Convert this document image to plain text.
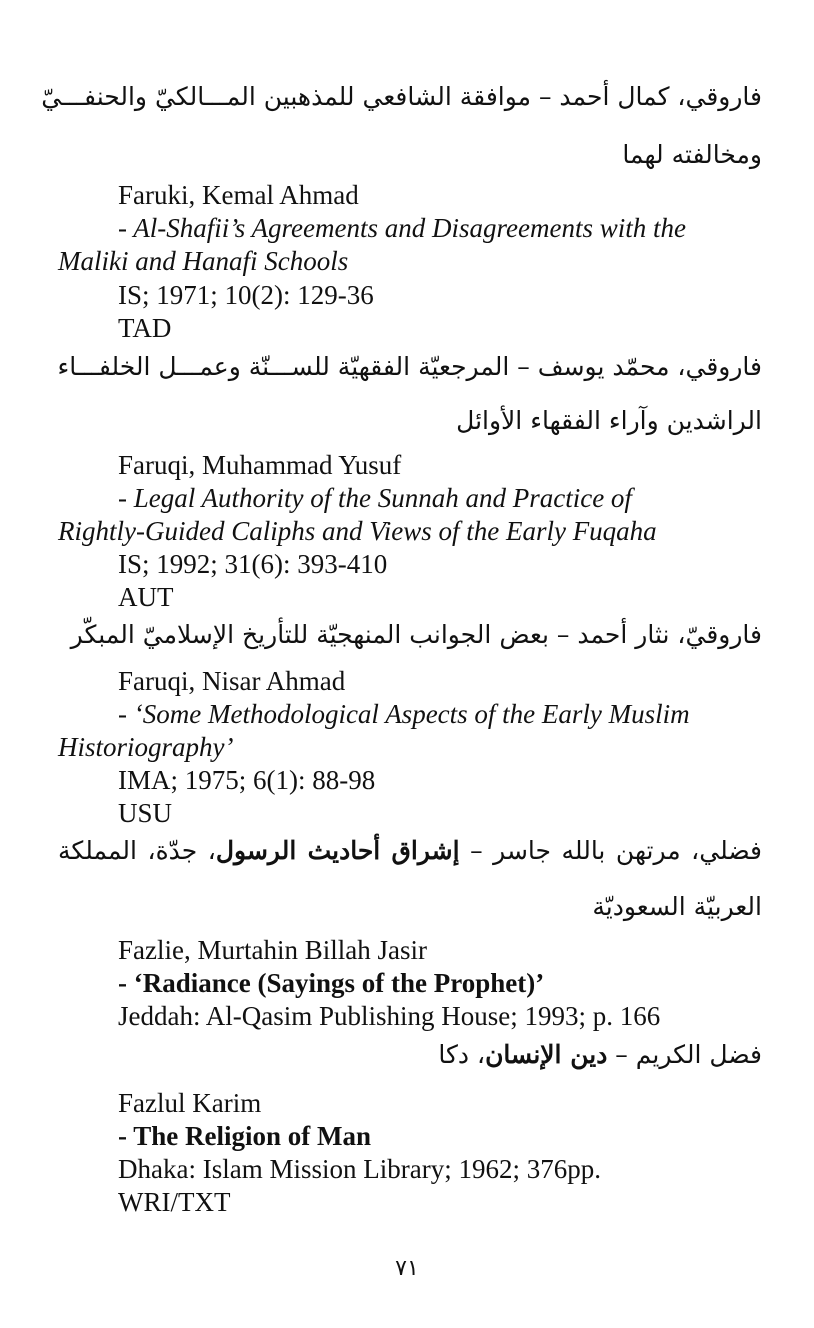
فاروقي، كمال أحمد – موافقة الشافعي للمذهبين المـــالكيّ والحنفـــيّ
ومخالفته لهما
Faruki, Kemal Ahmad
- Al-Shafii’s Agreements and Disagreements with the
Maliki and Hanafi Schools
IS; 1971; 10(2): 129-36
TAD
فاروقي، محمّد يوسف – المرجعيّة الفقهيّة للســـنّة وعمـــل الخلفـــاء
الراشدين وآراء الفقهاء الأوائل
Faruqi, Muhammad Yusuf
- Legal Authority of the Sunnah and Practice of
Rightly-Guided Caliphs and Views of the Early Fuqaha
IS; 1992; 31(6): 393-410
AUT
فاروقيّ، نثار أحمد – بعض الجوانب المنهجيّة للتأريخ الإسلاميّ المبكّر
Faruqi, Nisar Ahmad
- ‘Some Methodological Aspects of the Early Muslim
Historiography’
IMA; 1975; 6(1): 88-98
USU
فضلي، مرتهن بالله جاسر – إشراق أحاديث الرسول، جدّة، المملكة
العربيّة السعوديّة
Fazlie, Murtahin Billah Jasir
- ‘Radiance (Sayings of the Prophet)’
Jeddah: Al-Qasim Publishing House; 1993; p. 166
فضل الكريم – دين الإنسان، دكا
Fazlul Karim
- The Religion of Man
Dhaka: Islam Mission Library; 1962; 376pp.
WRI/TXT
٧١
